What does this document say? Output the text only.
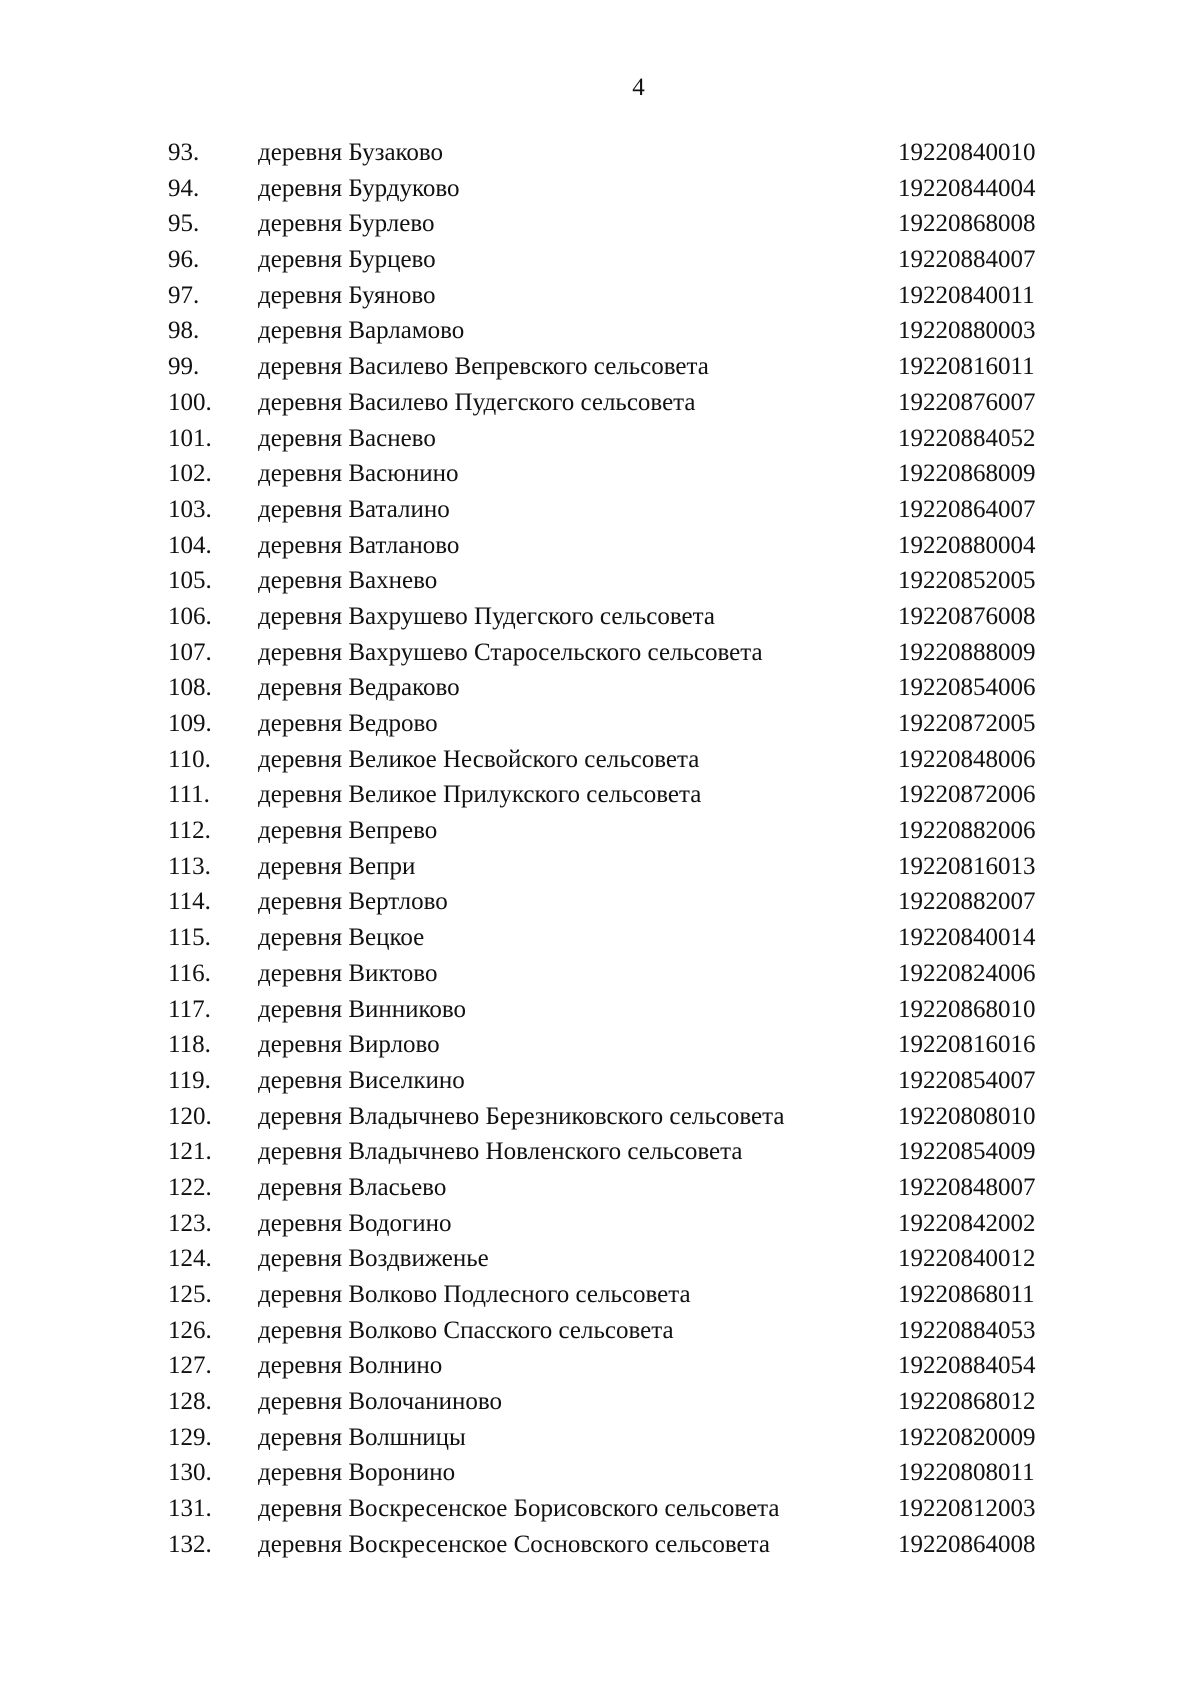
4
93.	деревня Бузаково	19220840010
94.	деревня Бурдуково	19220844004
95.	деревня Бурлево	19220868008
96.	деревня Бурцево	19220884007
97.	деревня Буяново	19220840011
98.	деревня Варламово	19220880003
99.	деревня Василево Вепревского сельсовета	19220816011
100.	деревня Василево Пудегского сельсовета	19220876007
101.	деревня Васнево	19220884052
102.	деревня Васюнино	19220868009
103.	деревня Ваталино	19220864007
104.	деревня Ватланово	19220880004
105.	деревня Вахнево	19220852005
106.	деревня Вахрушево Пудегского сельсовета	19220876008
107.	деревня Вахрушево Старосельского сельсовета	19220888009
108.	деревня Ведраково	19220854006
109.	деревня Ведрово	19220872005
110.	деревня Великое Несвойского сельсовета	19220848006
111.	деревня Великое Прилукского сельсовета	19220872006
112.	деревня Вепрево	19220882006
113.	деревня Вепри	19220816013
114.	деревня Вертлово	19220882007
115.	деревня Вецкое	19220840014
116.	деревня Виктово	19220824006
117.	деревня Винниково	19220868010
118.	деревня Вирлово	19220816016
119.	деревня Виселкино	19220854007
120.	деревня Владычнево Березниковского сельсовета	19220808010
121.	деревня Владычнево Новленского сельсовета	19220854009
122.	деревня Власьево	19220848007
123.	деревня Водогино	19220842002
124.	деревня Воздвиженье	19220840012
125.	деревня Волково Подлесного сельсовета	19220868011
126.	деревня Волково Спасского сельсовета	19220884053
127.	деревня Волнино	19220884054
128.	деревня Волочаниново	19220868012
129.	деревня Волшницы	19220820009
130.	деревня Воронино	19220808011
131.	деревня Воскресенское Борисовского сельсовета	19220812003
132.	деревня Воскресенское Сосновского сельсовета	19220864008
